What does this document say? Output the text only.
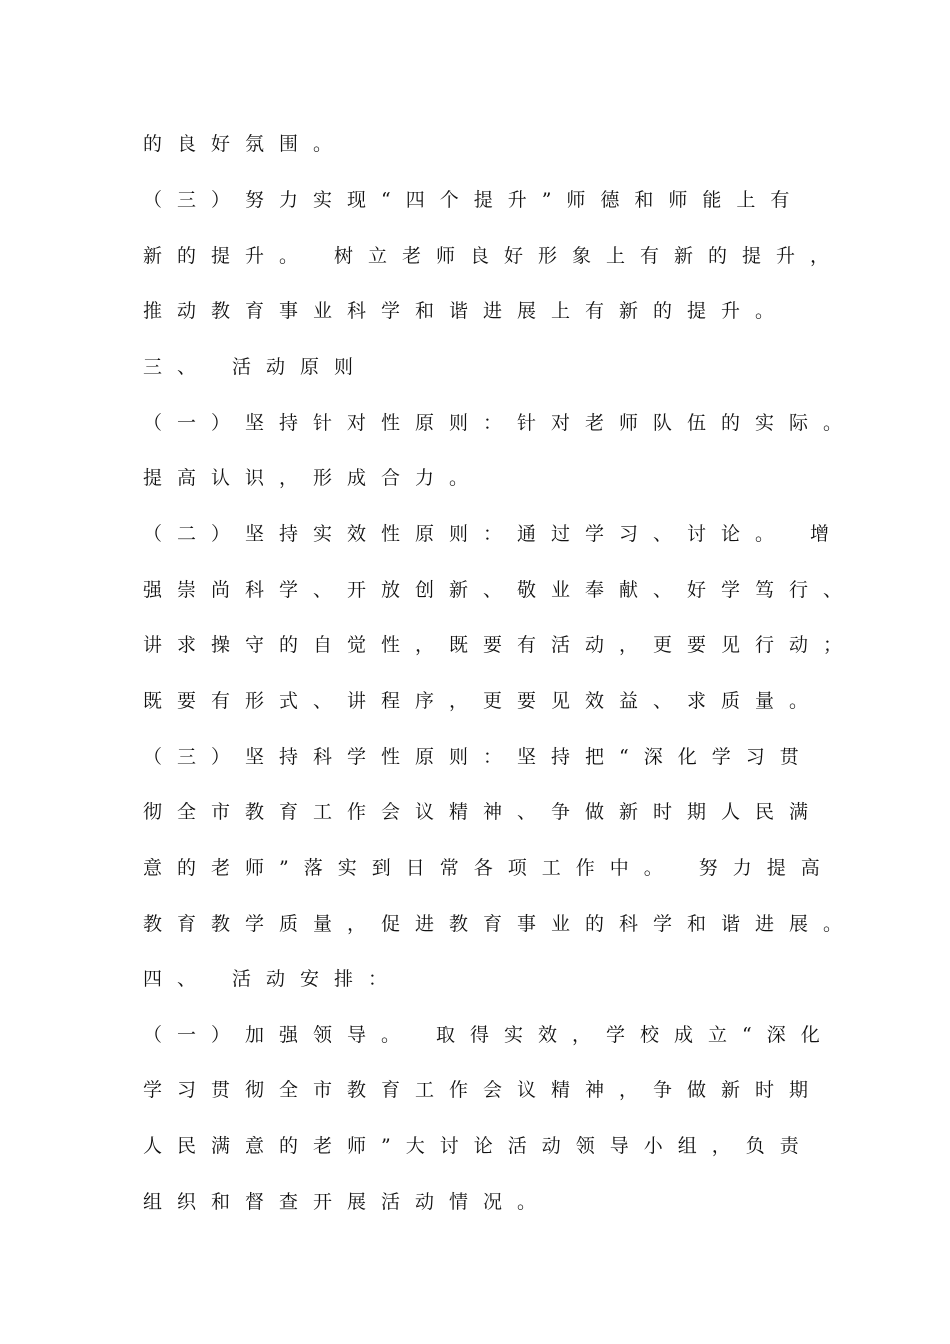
的良好氛围。
（三）努力实现“四个提升”师德和师能上有
新的提升。 树立老师良好形象上有新的提升，
推动教育事业科学和谐进展上有新的提升。
三、 活动原则
（一）坚持针对性原则：针对老师队伍的实际。
提高认识，形成合力。
（二）坚持实效性原则：通过学习、讨论。 增
强崇尚科学、开放创新、敬业奉献、好学笃行、
讲求操守的自觉性，既要有活动，更要见行动；
既要有形式、讲程序，更要见效益、求质量。
（三）坚持科学性原则：坚持把“深化学习贯
彻全市教育工作会议精神、争做新时期人民满
意的老师”落实到日常各项工作中。 努力提高
教育教学质量，促进教育事业的科学和谐进展。
四、 活动安排：
（一）加强领导。 取得实效，学校成立“深化
学习贯彻全市教育工作会议精神，争做新时期
人民满意的老师”大讨论活动领导小组，负责
组织和督查开展活动情况。
